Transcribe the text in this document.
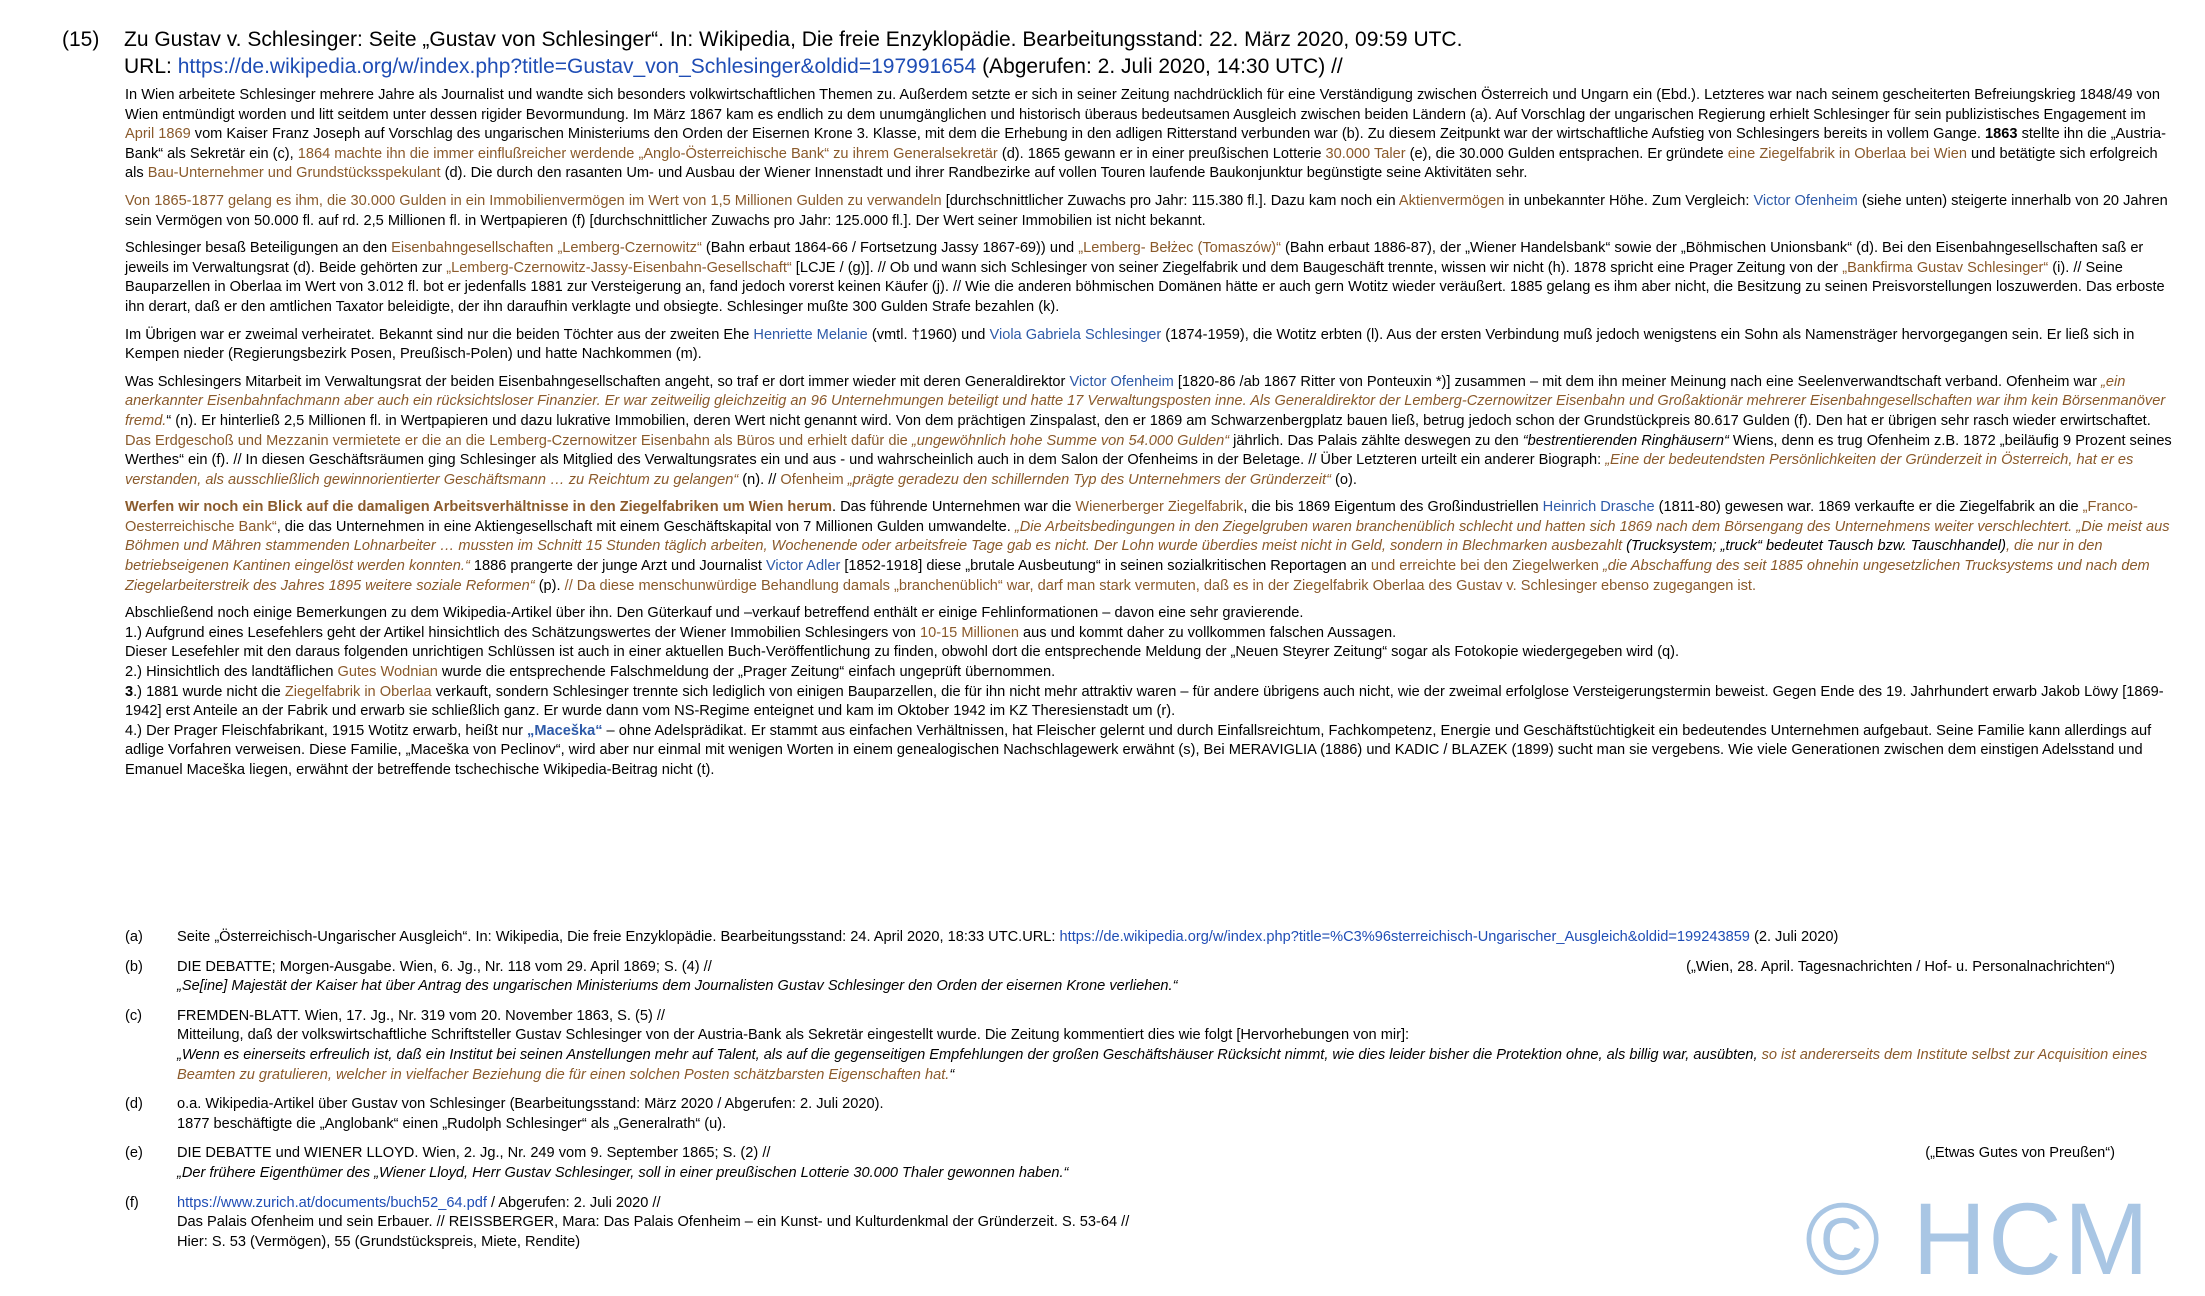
(15) Zu Gustav v. Schlesinger: Seite „Gustav von Schlesinger“. In: Wikipedia, Die freie Enzyklopädie. Bearbeitungsstand: 22. März 2020, 09:59 UTC.
URL: https://de.wikipedia.org/w/index.php?title=Gustav_von_Schlesinger&oldid=197991654 (Abgerufen: 2. Juli 2020, 14:30 UTC) //

In Wien arbeitete Schlesinger mehrere Jahre als Journalist und wandte sich besonders volkwirtschaftlichen Themen zu. Außerdem setzte er sich in seiner Zeitung nachdrücklich für eine Verständigung zwischen Österreich und Ungarn ein (Ebd.). Letzteres war nach seinem gescheiterten Befreiungskrieg 1848/49 von Wien entmündigt worden und litt seitdem unter dessen rigider Bevormundung. Im März 1867 kam es endlich zu dem unumgänglichen und historisch überaus bedeutsamen Ausgleich zwischen beiden Ländern (a). Auf Vorschlag der ungarischen Regierung erhielt Schlesinger für sein publizistisches Engagement im April 1869 vom Kaiser Franz Joseph auf Vorschlag des ungarischen Ministeriums den Orden der Eisernen Krone 3. Klasse, mit dem die Erhebung in den adligen Ritterstand verbunden war (b). Zu diesem Zeitpunkt war der wirtschaftliche Aufstieg von Schlesingers bereits in vollem Gange. 1863 stellte ihn die „Austria-Bank“ als Sekretär ein (c), 1864 machte ihn die immer einflußreicher werdende „Anglo-Österreichische Bank“ zu ihrem Generalsekretär (d). 1865 gewann er in einer preußischen Lotterie 30.000 Taler (e), die 30.000 Gulden entsprachen. Er gründete eine Ziegelfabrik in Oberlaa bei Wien und betätigte sich erfolgreich als Bau-Unternehmer und Grundstücksspekulant (d). Die durch den rasanten Um- und Ausbau der Wiener Innenstadt und ihrer Randbezirke auf vollen Touren laufende Baukonjunktur begünstigte seine Aktivitäten sehr.

Von 1865-1877 gelang es ihm, die 30.000 Gulden in ein Immobilienvermögen im Wert von 1,5 Millionen Gulden zu verwandeln [durchschnittlicher Zuwachs pro Jahr: 115.380 fl.]. Dazu kam noch ein Aktienvermögen in unbekannter Höhe. Zum Vergleich: Victor Ofenheim (siehe unten) steigerte innerhalb von 20 Jahren sein Vermögen von 50.000 fl. auf rd. 2,5 Millionen fl. in Wertpapieren (f) [durchschnittlicher Zuwachs pro Jahr: 125.000 fl.]. Der Wert seiner Immobilien ist nicht bekannt.

Schlesinger besaß Beteiligungen an den Eisenbahngesellschaften „Lemberg-Czernowitz“ (Bahn erbaut 1864-66 / Fortsetzung Jassy 1867-69)) und „Lemberg- Bełżec (Tomaszów)“ (Bahn erbaut 1886-87), der „Wiener Handelsbank“ sowie der „Böhmischen Unionsbank“ (d). Bei den Eisenbahngesellschaften saß er jeweils im Verwaltungsrat (d). Beide gehörten zur „Lemberg-Czernowitz-Jassy-Eisenbahn-Gesellschaft“ [LCJE / (g)]. // Ob und wann sich Schlesinger von seiner Ziegelfabrik und dem Baugeschäft trennte, wissen wir nicht (h). 1878 spricht eine Prager Zeitung von der „Bankfirma Gustav Schlesinger“ (i). // Seine Bauparzellen in Oberlaa im Wert von 3.012 fl. bot er jedenfalls 1881 zur Versteigerung an, fand jedoch vorerst keinen Käufer (j). // Wie die anderen böhmischen Domänen hätte er auch gern Wotitz wieder veräußert. 1885 gelang es ihm aber nicht, die Besitzung zu seinen Preisvorstellungen loszuwerden. Das erboste ihn derart, daß er den amtlichen Taxator beleidigte, der ihn daraufhin verklagte und obsiegte. Schlesinger mußte 300 Gulden Strafe bezahlen (k).

Im Übrigen war er zweimal verheiratet. Bekannt sind nur die beiden Töchter aus der zweiten Ehe Henriette Melanie (vmtl. †1960) und Viola Gabriela Schlesinger (1874-1959), die Wotitz erbten (l). Aus der ersten Verbindung muß jedoch wenigstens ein Sohn als Namensträger hervorgegangen sein. Er ließ sich in Kempen nieder (Regierungsbezirk Posen, Preußisch-Polen) und hatte Nachkommen (m).

Was Schlesingers Mitarbeit im Verwaltungsrat der beiden Eisenbahngesellschaften angeht, so traf er dort immer wieder mit deren Generaldirektor Victor Ofenheim [1820-86 /ab 1867 Ritter von Ponteuxin *)] zusammen – mit dem ihn meiner Meinung nach eine Seelenverwandtschaft verband. Ofenheim war „ein anerkannter Eisenbahnfachmann aber auch ein rücksichtsloser Finanzier. Er war zeitweilig gleichzeitig an 96 Unternehmungen beteiligt und hatte 17 Verwaltungsposten inne. Als Generaldirektor der Lemberg-Czernowitzer Eisenbahn und Großaktionär mehrerer Eisenbahngesellschaften war ihm kein Börsenmanöver fremd.“ (n). Er hinterließ 2,5 Millionen fl. in Wertpapieren und dazu lukrative Immobilien, deren Wert nicht genannt wird. Von dem prächtigen Zinspalast, den er 1869 am Schwarzenbergplatz bauen ließ, betrug jedoch schon der Grundstückpreis 80.617 Gulden (f). Den hat er übrigen sehr rasch wieder erwirtschaftet. Das Erdgeschoß und Mezzanin vermietete er die an die Lemberg-Czernowitzer Eisenbahn als Büros und erhielt dafür die „ungewöhnlich hohe Summe von 54.000 Gulden“ jährlich. Das Palais zählte deswegen zu den “bestrentierenden Ringhäusern“ Wiens, denn es trug Ofenheim z.B. 1872 „beiläufig 9 Prozent seines Werthes“ ein (f). // In diesen Geschäftsräumen ging Schlesinger als Mitglied des Verwaltungsrates ein und aus - und wahrscheinlich auch in dem Salon der Ofenheims in der Beletage. // Über Letzteren urteilt ein anderer Biograph: „Eine der bedeutendsten Persönlichkeiten der Gründerzeit in Österreich, hat er es verstanden, als ausschließlich gewinnorientierter Geschäftsmann … zu Reichtum zu gelangen“ (n). // Ofenheim „prägte geradezu den schillernden Typ des Unternehmers der Gründerzeit“ (o).

Werfen wir noch ein Blick auf die damaligen Arbeitsverhältnisse in den Ziegelfabriken um Wien herum. Das führende Unternehmen war die Wienerberger Ziegelfabrik, die bis 1869 Eigentum des Großindustriellen Heinrich Drasche (1811-80) gewesen war. 1869 verkaufte er die Ziegelfabrik an die „Franco-Oesterreichische Bank“, die das Unternehmen in eine Aktiengesellschaft mit einem Geschäftskapital von 7 Millionen Gulden umwandelte. „Die Arbeitsbedingungen in den Ziegelgruben waren branchenüblich schlecht und hatten sich 1869 nach dem Börsengang des Unternehmens weiter verschlechtert. „Die meist aus Böhmen und Mähren stammenden Lohnarbeiter … mussten im Schnitt 15 Stunden täglich arbeiten, Wochenende oder arbeitsfreie Tage gab es nicht. Der Lohn wurde überdies meist nicht in Geld, sondern in Blechmarken ausbezahlt (Trucksystem; „truck“ bedeutet Tausch bzw. Tauschhandel), die nur in den betriebseigenen Kantinen eingelöst werden konnten.“ 1886 prangerte der junge Arzt und Journalist Victor Adler [1852-1918] diese „brutale Ausbeutung“ in seinen sozialkritischen Reportagen an und erreichte bei den Ziegelwerken „die Abschaffung des seit 1885 ohnehin ungesetzlichen Trucksystems und nach dem Ziegelarbeiterstreik des Jahres 1895 weitere soziale Reformen“ (p). // Da diese menschunwürdige Behandlung damals „branchenüblich“ war, darf man stark vermuten, daß es in der Ziegelfabrik Oberlaa des Gustav v. Schlesinger ebenso zugegangen ist.

Abschließend noch einige Bemerkungen zu dem Wikipedia-Artikel über ihn. Den Güterkauf und –verkauf betreffend enthält er einige Fehlinformationen – davon eine sehr gravierende.
1.) Aufgrund eines Lesefehlers geht der Artikel hinsichtlich des Schätzungswertes der Wiener Immobilien Schlesingers von 10-15 Millionen aus und kommt daher zu vollkommen falschen Aussagen.
Dieser Lesefehler mit den daraus folgenden unrichtigen Schlüssen ist auch in einer aktuellen Buch-Veröffentlichung zu finden, obwohl dort die entsprechende Meldung der „Neuen Steyrer Zeitung“ sogar als Fotokopie wiedergegeben wird (q).
2.) Hinsichtlich des landtäflichen Gutes Wodnian wurde die entsprechende Falschmeldung der „Prager Zeitung“ einfach ungeprüft übernommen.
3.) 1881 wurde nicht die Ziegelfabrik in Oberlaa verkauft, sondern Schlesinger trennte sich lediglich von einigen Bauparzellen, die für ihn nicht mehr attraktiv waren – für andere übrigens auch nicht, wie der zweimal erfolglose Versteigerungstermin beweist. Gegen Ende des 19. Jahrhundert erwarb Jakob Löwy [1869-1942] erst Anteile an der Fabrik und erwarb sie schließlich ganz. Er wurde dann vom NS-Regime enteignet und kam im Oktober 1942 im KZ Theresienstadt um (r).
4.) Der Prager Fleischfabrikant, 1915 Wotitz erwarb, heißt nur „Maceška“ – ohne Adelsprädikat. Er stammt aus einfachen Verhältnissen, hat Fleischer gelernt und durch Einfallsreichtum, Fachkompetenz, Energie und Geschäftstüchtigkeit ein bedeutendes Unternehmen aufgebaut. Seine Familie kann allerdings auf adlige Vorfahren verweisen. Diese Familie, „Maceška von Peclinov“, wird aber nur einmal mit wenigen Worten in einem genealogischen Nachschlagewerk erwähnt (s), Bei MERAVIGLIA (1886) und KADIC / BLAZEK (1899) sucht man sie vergebens. Wie viele Generationen zwischen dem einstigen Adelsstand und Emanuel Maceška liegen, erwähnt der betreffende tschechische Wikipedia-Beitrag nicht (t).

(a) Seite „Österreichisch-Ungarischer Ausgleich“. In: Wikipedia, Die freie Enzyklopädie. Bearbeitungsstand: 24. April 2020, 18:33 UTC.URL: https://de.wikipedia.org/w/index.php?title=%C3%96sterreichisch-Ungarischer_Ausgleich&oldid=199243859 (2. Juli 2020)
(b) DIE DEBATTE; Morgen-Ausgabe. Wien, 6. Jg., Nr. 118 vom 29. April 1869; S. (4) //
„Se[ine] Majestät der Kaiser hat über Antrag des ungarischen Ministeriums dem Journalisten Gustav Schlesinger den Orden der eisernen Krone verliehen.“
(„Wien, 28. April. Tagesnachrichten / Hof- u. Personalnachrichten“)
(c) FREMDEN-BLATT. Wien, 17. Jg., Nr. 319 vom 20. November 1863, S. (5) //
Mitteilung, daß der volkswirtschaftliche Schriftsteller Gustav Schlesinger von der Austria-Bank als Sekretär eingestellt wurde. Die Zeitung kommentiert dies wie folgt [Hervorhebungen von mir]:
„Wenn es einerseits erfreulich ist, daß ein Institut bei seinen Anstellungen mehr auf Talent, als auf die gegenseitigen Empfehlungen der großen Geschäftshäuser Rücksicht nimmt, wie dies leider bisher die Protektion ohne, als billig war, ausübten, so ist andererseits dem Institute selbst zur Acquisition eines Beamten zu gratulieren, welcher in vielfacher Beziehung die für einen solchen Posten schätzbarsten Eigenschaften hat.“
(d) o.a. Wikipedia-Artikel über Gustav von Schlesinger (Bearbeitungsstand: März 2020 / Abgerufen: 2. Juli 2020).
1877 beschäftigte die „Anglobank“ einen „Rudolph Schlesinger“ als „Generalrath“ (u).
(e) DIE DEBATTE und WIENER LLOYD. Wien, 2. Jg., Nr. 249 vom 9. September 1865; S. (2) //
„Der frühere Eigenthümer des „Wiener Lloyd, Herr Gustav Schlesinger, soll in einer preußischen Lotterie 30.000 Thaler gewonnen haben.“
(„Etwas Gutes von Preußen“)
(f)	https://www.zurich.at/documents/buch52_64.pdf / Abgerufen: 2. Juli 2020 //
Das Palais Ofenheim und sein Erbauer. // REISSBERGER, Mara: Das Palais Ofenheim – ein Kunst- und Kulturdenkmal der Gründerzeit. S. 53-64 //
Hier: S. 53 (Vermögen), 55 (Grundstückspreis, Miete, Rendite)	© HCM
